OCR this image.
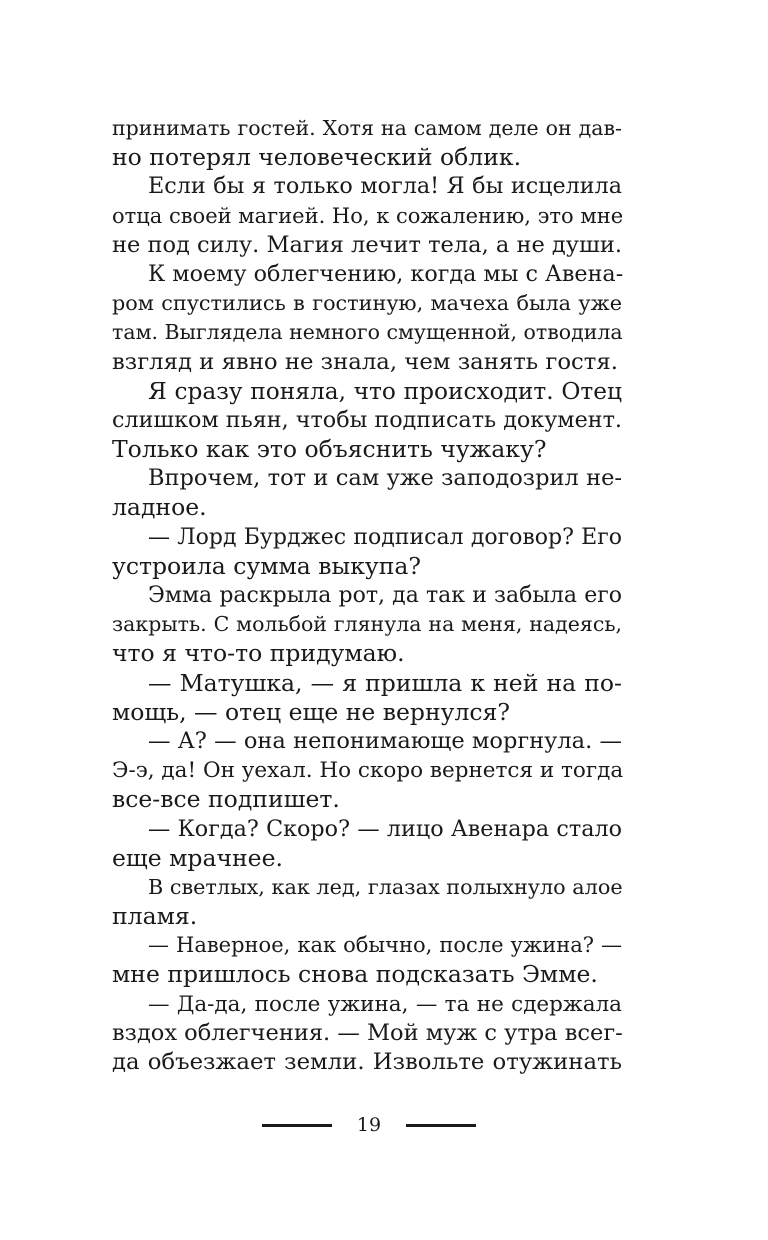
принимать гостей. Хотя на самом деле он дав-
но потерял человеческий облик.
Если бы я только могла! Я бы исцелила
отца своей магией. Но, к сожалению, это мне
не под силу. Магия лечит тела, а не души.
К моему облегчению, когда мы с Авена-
ром спустились в гостиную, мачеха была уже
там. Выглядела немного смущенной, отводила
взгляд и явно не знала, чем занять гостя.
Я сразу поняла, что происходит. Отец
слишком пьян, чтобы подписать документ.
Только как это объяснить чужаку?
Впрочем, тот и сам уже заподозрил не-
ладное.
— Лорд Бурджес подписал договор? Его
устроила сумма выкупа?
Эмма раскрыла рот, да так и забыла его
закрыть. С мольбой глянула на меня, надеясь,
что я что-то придумаю.
— Матушка, — я пришла к ней на по-
мощь, — отец еще не вернулся?
— А? — она непонимающе моргнула. —
Э-э, да! Он уехал. Но скоро вернется и тогда
все-все подпишет.
— Когда? Скоро? — лицо Авенара стало
еще мрачнее.
В светлых, как лед, глазах полыхнуло алое
пламя.
— Наверное, как обычно, после ужина? —
мне пришлось снова подсказать Эмме.
— Да-да, после ужина, — та не сдержала
вздох облегчения. — Мой муж с утра всег-
да объезжает земли. Извольте отужинать
19
